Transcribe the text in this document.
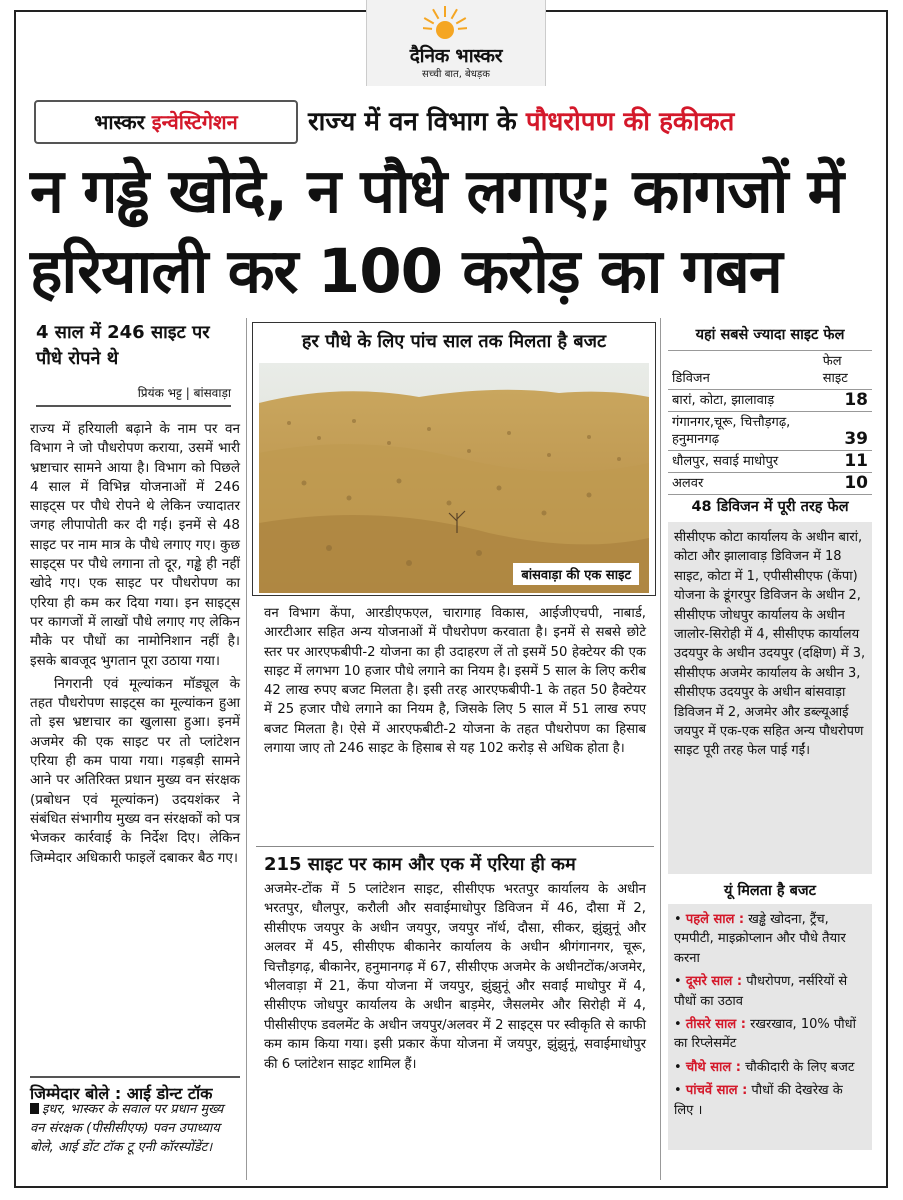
दैनिक भास्कर
सच्ची बात, बेधड़क
भास्कर इन्वेस्टिगेशन	राज्य में वन विभाग के पौधरोपण की हकीकत
न गड्ढे खोदे, न पौधे लगाए; कागजों में हरियाली कर 100 करोड़ का गबन
4 साल में 246 साइट पर पौधे रोपने थे
प्रियंक भट्ट | बांसवाड़ा

राज्य में हरियाली बढ़ाने के नाम पर वन विभाग ने जो पौधरोपण कराया, उसमें भारी भ्रष्टाचार सामने आया है। विभाग को पिछले 4 साल में विभिन्न योजनाओं में 246 साइट्स पर पौधे रोपने थे लेकिन ज्यादातर जगह लीपापोती कर दी गई। इनमें से 48 साइट पर नाम मात्र के पौधे लगाए गए। कुछ साइट्स पर पौधे लगाना तो दूर, गड्ढे ही नहीं खोदे गए। एक साइट पर पौधरोपण का एरिया ही कम कर दिया गया। इन साइट्स पर कागजों में लाखों पौधे लगाए गए लेकिन मौके पर पौधों का नामोनिशान नहीं है। इसके बावजूद भुगतान पूरा उठाया गया।

निगरानी एवं मूल्यांकन मॉड्यूल के तहत पौधरोपण साइट्स का मूल्यांकन हुआ तो इस भ्रष्टाचार का खुलासा हुआ। इनमें अजमेर की एक साइट पर तो प्लांटेशन एरिया ही कम पाया गया। गड़बड़ी सामने आने पर अतिरिक्त प्रधान मुख्य वन संरक्षक (प्रबोधन एवं मूल्यांकन) उदयशंकर ने संबंधित संभागीय मुख्य वन संरक्षकों को पत्र भेजकर कार्रवाई के निर्देश दिए। लेकिन जिम्मेदार अधिकारी फाइलें दबाकर बैठ गए।

जिम्मेदार बोले : आई डोन्ट टॉक
इधर, भास्कर के सवाल पर प्रधान मुख्य वन संरक्षक (पीसीसीएफ) पवन उपाध्याय बोले, आई डोंट टॉक टू एनी कॉरस्पोंडेंट।
हर पौधे के लिए पांच साल तक मिलता है बजट
बांसवाड़ा की एक साइट
वन विभाग केंपा, आरडीएफएल, चारागाह विकास, आईजीएचपी, नाबार्ड, आरटीआर सहित अन्य योजनाओं में पौधरोपण करवाता है। इनमें से सबसे छोटे स्तर पर आरएफबीपी-2 योजना का ही उदाहरण लें तो इसमें 50 हेक्टेयर की एक साइट में लगभग 10 हजार पौधे लगाने का नियम है। इसमें 5 साल के लिए करीब 42 लाख रुपए बजट मिलता है। इसी तरह आरएफबीपी-1 के तहत 50 हैक्टेयर में 25 हजार पौधे लगाने का नियम है, जिसके लिए 5 साल में 51 लाख रुपए बजट मिलता है। ऐसे में आरएफबीटी-2 योजना के तहत पौधरोपण का हिसाब लगाया जाए तो 246 साइट के हिसाब से यह 102 करोड़ से अधिक होता है।
215 साइट पर काम और एक में एरिया ही कम
अजमेर-टोंक में 5 प्लांटेशन साइट, सीसीएफ भरतपुर कार्यालय के अधीन भरतपुर, धौलपुर, करौली और सवाईमाधोपुर डिविजन में 46, दौसा में 2, सीसीएफ जयपुर के अधीन जयपुर, जयपुर नॉर्थ, दौसा, सीकर, झुंझुनूं और अलवर में 45, सीसीएफ बीकानेर कार्यालय के अधीन श्रीगंगानगर, चूरू, चित्तौड़गढ़, बीकानेर, हनुमानगढ़ में 67, सीसीएफ अजमेर के अधीनटोंक/अजमेर, भीलवाड़ा में 21, केंपा योजना में जयपुर, झुंझुनूं और सवाई माधोपुर में 4, सीसीएफ जोधपुर कार्यालय के अधीन बाड़मेर, जैसलमेर और सिरोही में 4, पीसीसीएफ डवलमेंट के अधीन जयपुर/अलवर में 2 साइट्स पर स्वीकृति से काफी कम काम किया गया। इसी प्रकार केंपा योजना में जयपुर, झुंझुनूं, सवाईमाधोपुर की 6 प्लांटेशन साइट शामिल हैं।
यहां सबसे ज्यादा साइट फेल
डिविजन
फेल साइट
बारां, कोटा, झालावाड़	18
गंगानगर,चूरू, चित्तौड़गढ़, हनुमानगढ़	39
धौलपुर, सवाई माधोपुर	11
अलवर	10
48 डिविजन में पूरी तरह फेल
सीसीएफ कोटा कार्यालय के अधीन बारां, कोटा और झालावाड़ डिविजन में 18 साइट, कोटा में 1, एपीसीसीएफ (केंपा) योजना के डूंगरपुर डिविजन के अधीन 2, सीसीएफ जोधपुर कार्यालय के अधीन जालोर-सिरोही में 4, सीसीएफ कार्यालय उदयपुर के अधीन उदयपुर (दक्षिण) में 3, सीसीएफ अजमेर कार्यालय के अधीन 3, सीसीएफ उदयपुर के अधीन बांसवाड़ा डिविजन में 2, अजमेर और डब्ल्यूआई जयपुर में एक-एक सहित अन्य पौधरोपण साइट पूरी तरह फेल पाई गईं।
यूं मिलता है बजट
• पहले साल : खड्ढे खोदना, ट्रैंच, एमपीटी, माइक्रोप्लान और पौधे तैयार करना
• दूसरे साल : पौधरोपण, नर्सरियों से पौधों का उठाव
• तीसरे साल : रखरखाव, 10% पौधों का रिप्लेसमेंट
• चौथे साल : चौकीदारी के लिए बजट
• पांचवें साल : पौधों की देखरेख के लिए ।
